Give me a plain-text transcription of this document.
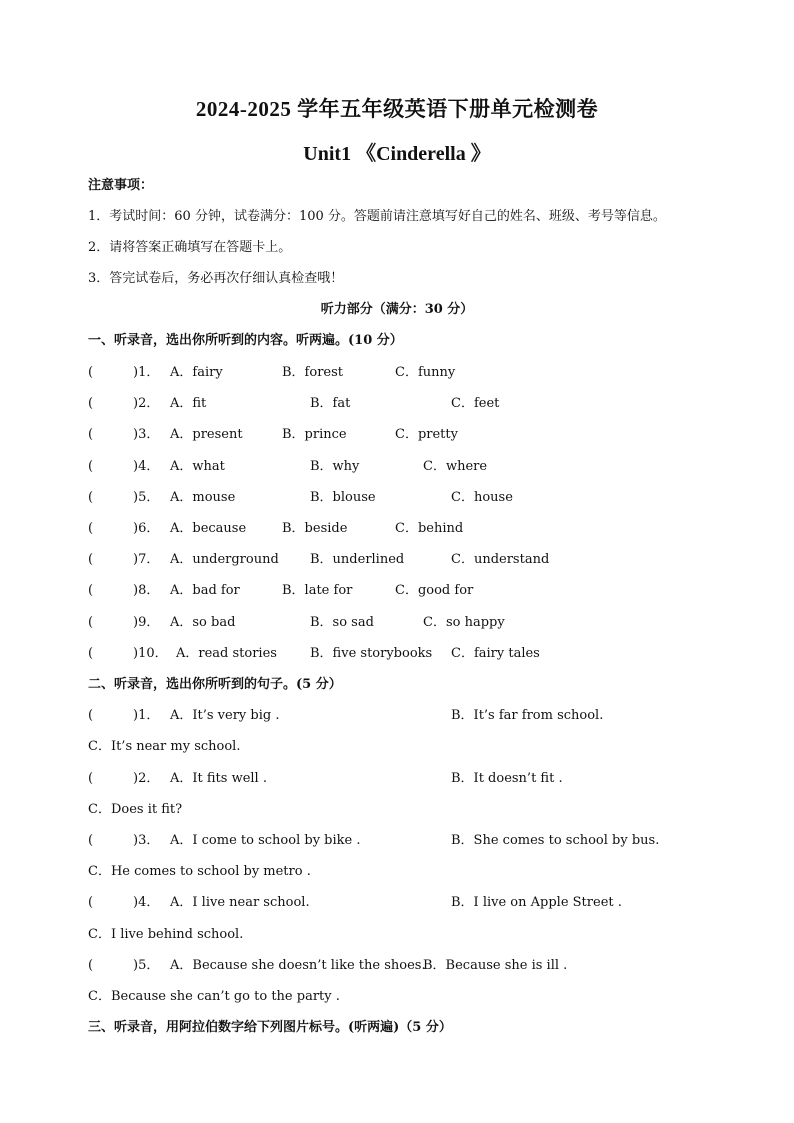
2024-2025 学年五年级英语下册单元检测卷
Unit1 《Cinderella 》
注意事项：
1．考试时间：60 分钟，试卷满分：100 分。答题前请注意填写好自己的姓名、班级、考号等信息。
2．请将答案正确填写在答题卡上。
3．答完试卷后，务必再次仔细认真检查哦！
听力部分（满分：30 分）
一、听录音，选出你所听到的内容。听两遍。(10 分）
(	)1． A．fairy	B．forest	C．funny
(	)2． A．fit	B．fat	C．feet
(	)3． A．present	B．prince	C．pretty
(	)4． A．what	B．why	C．where
(	)5． A．mouse	B．blouse	C．house
(	)6． A．because	B．beside	C．behind
(	)7． A．underground B．underlined	C．understand
(	)8． A．bad for	B．late for	C．good for
(	)9． A．so bad	B．so sad	C．so happy
(	)10． A．read stories	B．five storybooks C．fairy tales
二、听录音，选出你所听到的句子。(5 分）
(	)1． A．It’s very big .	B．It’s far from school.
C．It’s near my school.
(	)2． A．It fits well .	B．It doesn’t fit .
C．Does it fit?
(	)3． A．I come to school by bike .	B．She comes to school by bus.
C．He comes to school by metro .
(	)4． A．I live near school.	B．I live on Apple Street .
C．I live behind school.
(	)5． A．Because she doesn’t like the shoes.
B．Because she is ill .
C．Because she can’t go to the party .
三、听录音，用阿拉伯数字给下列图片标号。(听两遍)（5 分）
